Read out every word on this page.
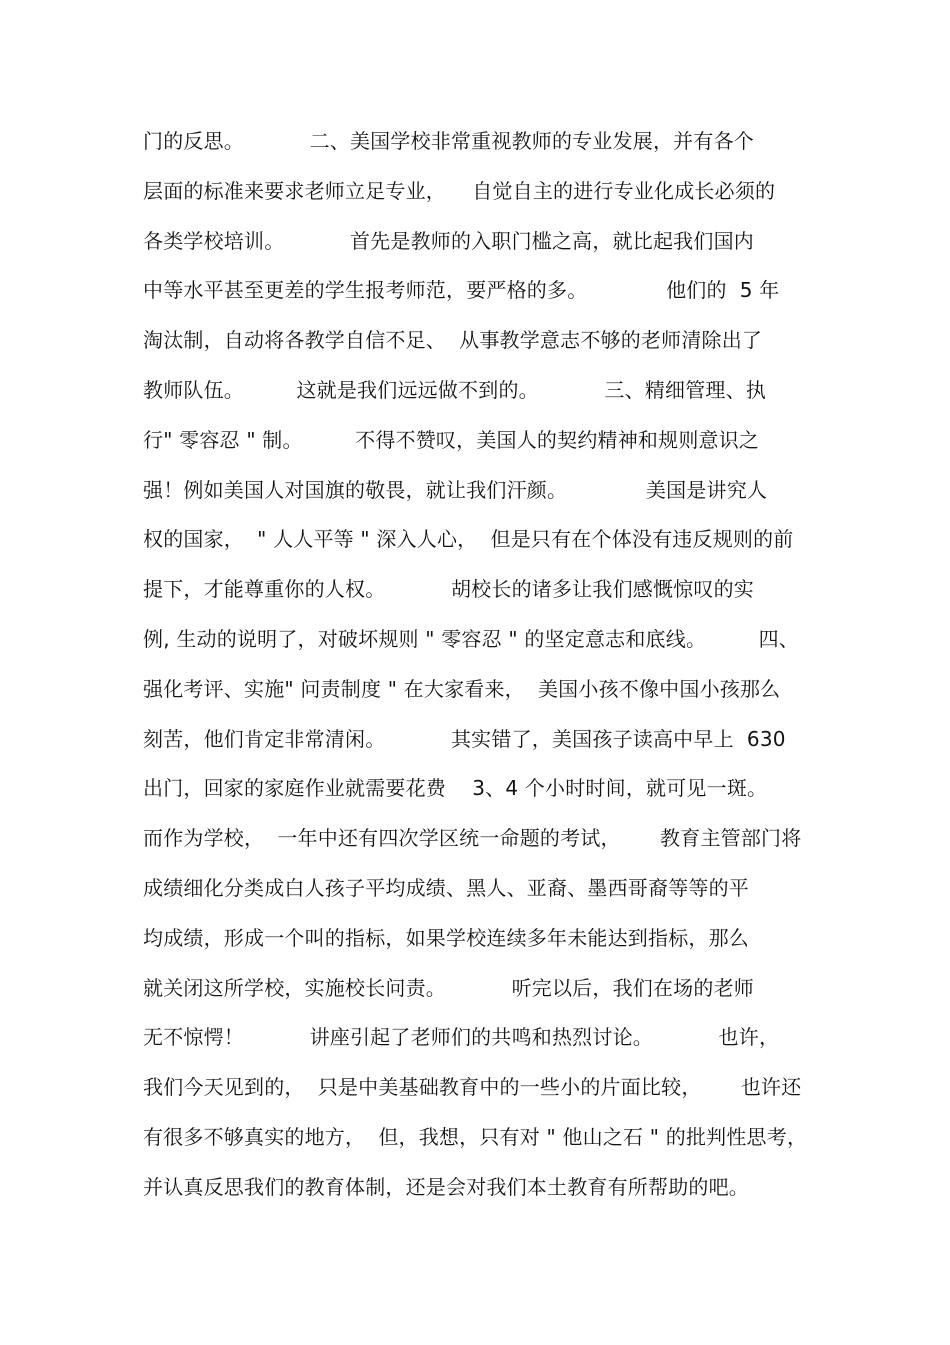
门的反思。          二、美国学校非常重视教师的专业发展，并有各个
层面的标准来要求老师立足专业，    自觉自主的进行专业化成长必须的
各类学校培训。          首先是教师的入职门槛之高，就比起我们国内
中等水平甚至更差的学生报考师范，要严格的多。            他们的  5 年
淘汰制，自动将各教学自信不足、  从事教学意志不够的老师清除出了
教师队伍。        这就是我们远远做不到的。          三、精细管理、执
行" 零容忍 " 制。        不得不赞叹，美国人的契约精神和规则意识之
强！例如美国人对国旗的敬畏，就让我们汗颜。            美国是讲究人
权的国家，  " 人人平等 " 深入人心，  但是只有在个体没有违反规则的前
提下，才能尊重你的人权。          胡校长的诸多让我们感慨惊叹的实
例, 生动的说明了，对破坏规则 " 零容忍 " 的坚定意志和底线。        四、
强化考评、实施" 问责制度 " 在大家看来，  美国小孩不像中国小孩那么
刻苦，他们肯定非常清闲。          其实错了，美国孩子读高中早上  630
出门，回家的家庭作业就需要花费    3、4 个小时时间，就可见一斑。
而作为学校，  一年中还有四次学区统一命题的考试，      教育主管部门将
成绩细化分类成白人孩子平均成绩、黑人、亚裔、墨西哥裔等等的平
均成绩，形成一个叫的指标，如果学校连续多年未能达到指标，那么
就关闭这所学校，实施校长问责。          听完以后，我们在场的老师
无不惊愕！          讲座引起了老师们的共鸣和热烈讨论。          也许，
我们今天见到的，  只是中美基础教育中的一些小的片面比较，      也许还
有很多不够真实的地方，  但，我想，只有对 " 他山之石 " 的批判性思考，
并认真反思我们的教育体制，还是会对我们本土教育有所帮助的吧。
